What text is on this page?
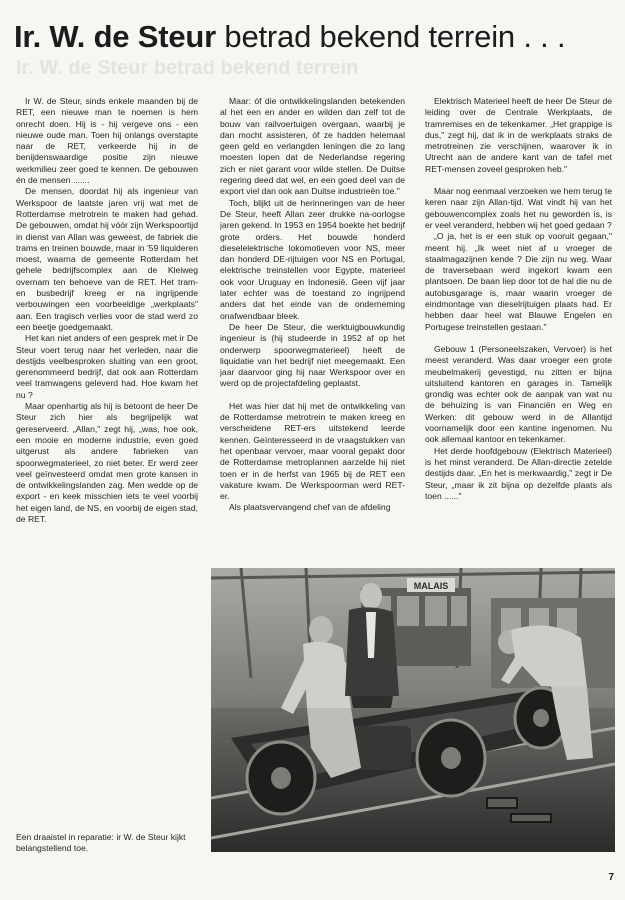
Ir. W. de Steur betrad bekend terrein . . .
Ir. W. de Steur betrad bekend terrein

Ir W. de Steur, sinds enkele maanden bij de RET, een nieuwe man te noemen is hem onrecht doen. Hij is - hij vergeve ons - een nieuwe oude man. Toen hij onlangs overstapte naar de RET, verkeerde hij in de benijdenswaardige positie zijn nieuwe werkmilieu zeer goed te kennen. De gebouwen én de mensen .......

De mensen, doordat hij als ingenieur van Werkspoor de laatste jaren vrij wat met de Rotterdamse metrotrein te maken had gehad. De gebouwen, omdat hij vóór zijn Werkspoortijd in dienst van Allan was geweest, de fabriek die trams en treinen bouwde, maar in '59 liquideren moest, waarna de gemeente Rotterdam het gehele bedrijfscomplex aan de Kleiweg overnam ten behoeve van de RET. Het tram- en busbedrijf kreeg er na ingrijpende verbouwingen een voorbeeldige „werkplaats" aan. Een tragisch verlies voor de stad werd zo een beetje goedgemaakt.

Het kan niet anders of een gesprek met ir De Steur voert terug naar het verleden, naar die destijds veelbesproken sluiting van een groot, gerenommeerd bedrijf, dat ook aan Rotterdam veel tramwagens geleverd had. Hoe kwam het nu ?

Maar openhartig als hij is betoont de heer De Steur zich hier als begrijpelijk wat gereserveerd. „Allan," zegt hij, „was, hoe ook, een mooie en moderne industrie, even goed uitgerust als andere fabrieken van spoorwegmaterieel, zo niet beter. Er werd zeer veel geïnvesteerd omdat men grote kansen in de ontwikkelingslanden zag. Men wedde op de export - en keek misschien iets te veel voorbij het eigen land, de NS, en voorbij de eigen stad, de RET.

Maar: óf die ontwikkelingslanden betekenden al het een en ander en wilden dan zelf tot de bouw van railvoertuigen overgaan, waarbij je dan mocht assisteren, óf ze hadden helemaal geen geld en verlangden leningen die zo lang moesten lopen dat de Nederlandse regering zich er niet garant voor wilde stellen. De Duitse regering deed dat wel, en een goed deel van de export viel dan ook aan Duitse industrieën toe."

Toch, blijkt uit de herinneringen van de heer De Steur, heeft Allan zeer drukke na-oorlogse jaren gekend. In 1953 en 1954 boekte het bedrijf grote orders. Het bouwde honderd dieselelektrische lokomotieven voor NS, meer dan honderd DE-rijtuigen voor NS en Portugal, elektrische treinstellen voor Egypte, materieel ook voor Uruguay en Indonesië. Geen vijf jaar later echter was de toestand zo ingrijpend anders dat het einde van de onderneming onafwendbaar bleek.

De heer De Steur, die werktuigbouwkundig ingenieur is (hij studeerde in 1952 af op het onderwerp spoorwegmaterieel) heeft de liquidatie van het bedrijf niet meegemaakt. Een jaar daarvoor ging hij naar Werkspoor over en werd op de projectafdeling geplaatst.

Het was hier dat hij met de ontwikkeling van de Rotterdamse metrotrein te maken kreeg en verscheidene RET-ers uitstekend leerde kennen. Geïnteresseerd in de vraagstukken van het openbaar vervoer, maar vooral gepakt door de Rotterdamse metroplannen aarzelde hij niet toen er in de herfst van 1965 bij de RET een vakature kwam. De Werkspoorman werd RET-er.

Als plaatsvervangend chef van de afdeling

Elektrisch Materieel heeft de heer De Steur de leiding over de Centrale Werkplaats, de tramremises en de tekenkamer. „Het grappige is dus," zegt hij, dat ik in de werkplaats straks de metrotreinen zie verschijnen, waarover ik in Utrecht aan de andere kant van de tafel met RET-mensen zoveel gesproken heb."

Maar nog eenmaal verzoeken we hem terug te keren naar zijn Allan-tijd. Wat vindt hij van het gebouwencomplex zoals het nu geworden is, is er veel veranderd, hebben wij het goed gedaan ?

„O ja, het is er een stuk op vooruit gegaan," meent hij. „Ik weet niet af u vroeger de staalmagazijnen kende ? Die zijn nu weg. Waar de traversebaan werd ingekort kwam een plantsoen. De baan liep door tot de hal die nu de autobusgarage is, maar waarin vroeger de eindmontage van dieselrijtuigen plaats had. Er hebben daar heel wat Blauwe Engelen en Portugese treinstellen gestaan."

Gebouw 1 (Personeelszaken, Vervoer) is het meest veranderd. Was daar vroeger een grote meubelmakerij gevestigd, nu zitten er bijna uitsluitend kantoren en garages in. Tamelijk grondig was echter ook de aanpak van wat nu de behuizing is van Financiën en Weg en Werken: dit gebouw werd in de Allantijd voornamelijk door een kantine ingenomen. Nu ook allemaal kantoor en tekenkamer.

Het derde hoofdgebouw (Elektrisch Materieel) is het minst veranderd. De Allan-directie zetelde destijds daar. „En het is merkwaardig," zegt ir De Steur, „maar ik zit bijna op dezelfde plaats als toen ......"

MALAIS
Een draaistel in reparatie: ir W. de Steur kijkt belangstellend toe.
7
